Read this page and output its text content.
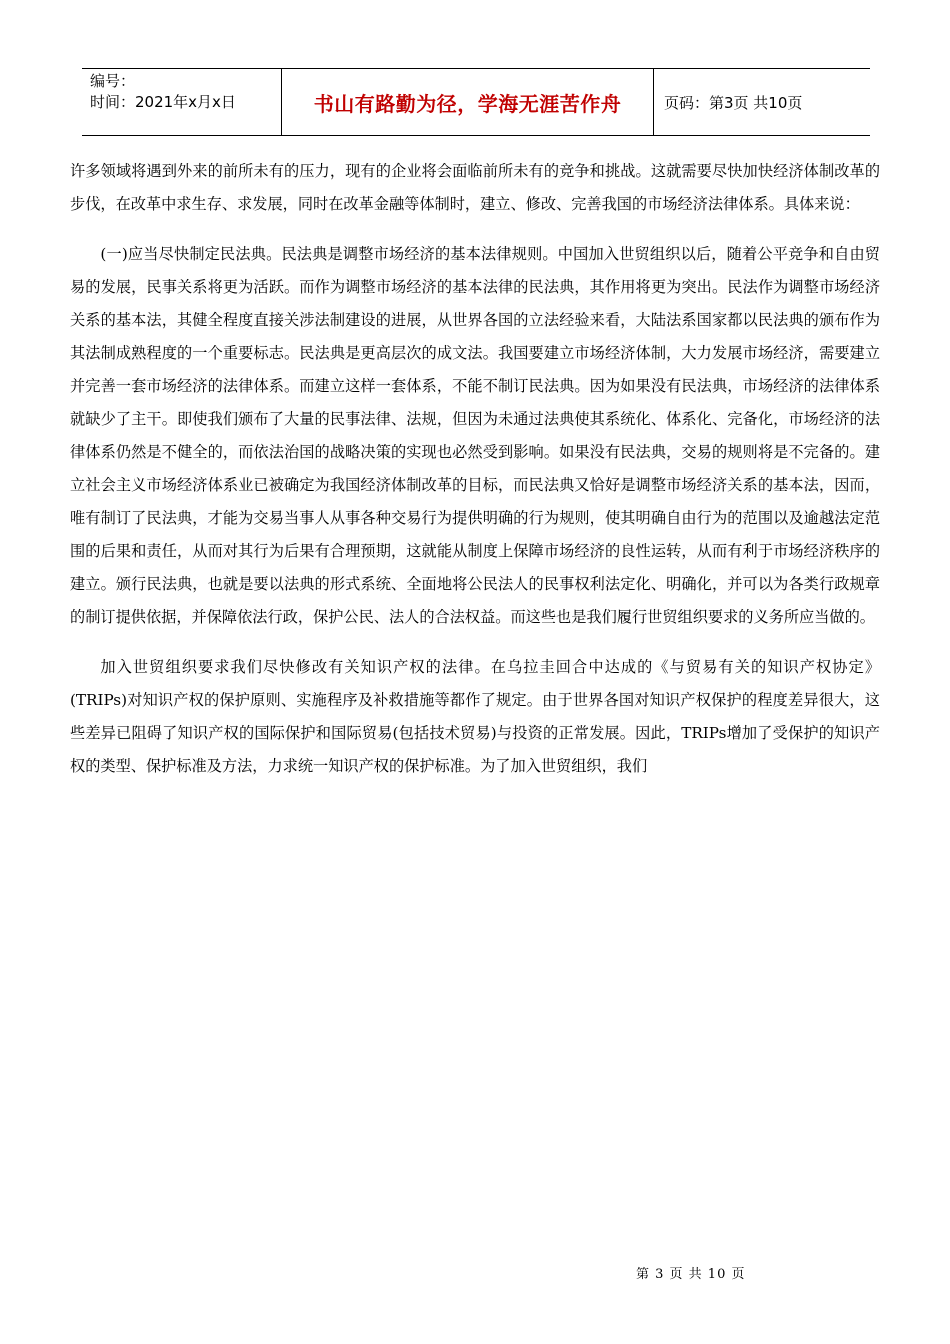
编号：
时间：2021年x月x日	书山有路勤为径，学海无涯苦作舟	页码：第3页 共10页

许多领域将遇到外来的前所未有的压力，现有的企业将会面临前所未有的竞争和挑战。这就需要尽快加快经济体制改革的步伐，在改革中求生存、求发展，同时在改革金融等体制时，建立、修改、完善我国的市场经济法律体系。具体来说：

(一)应当尽快制定民法典。民法典是调整市场经济的基本法律规则。中国加入世贸组织以后，随着公平竞争和自由贸易的发展，民事关系将更为活跃。而作为调整市场经济的基本法律的民法典，其作用将更为突出。民法作为调整市场经济关系的基本法，其健全程度直接关涉法制建设的进展，从世界各国的立法经验来看，大陆法系国家都以民法典的颁布作为其法制成熟程度的一个重要标志。民法典是更高层次的成文法。我国要建立市场经济体制，大力发展市场经济，需要建立并完善一套市场经济的法律体系。而建立这样一套体系，不能不制订民法典。因为如果没有民法典，市场经济的法律体系就缺少了主干。即使我们颁布了大量的民事法律、法规，但因为未通过法典使其系统化、体系化、完备化，市场经济的法律体系仍然是不健全的，而依法治国的战略决策的实现也必然受到影响。如果没有民法典，交易的规则将是不完备的。建立社会主义市场经济体系业已被确定为我国经济体制改革的目标，而民法典又恰好是调整市场经济关系的基本法，因而，唯有制订了民法典，才能为交易当事人从事各种交易行为提供明确的行为规则，使其明确自由行为的范围以及逾越法定范围的后果和责任，从而对其行为后果有合理预期，这就能从制度上保障市场经济的良性运转，从而有利于市场经济秩序的建立。颁行民法典，也就是要以法典的形式系统、全面地将公民法人的民事权利法定化、明确化，并可以为各类行政规章的制订提供依据，并保障依法行政，保护公民、法人的合法权益。而这些也是我们履行世贸组织要求的义务所应当做的。

加入世贸组织要求我们尽快修改有关知识产权的法律。在乌拉圭回合中达成的《与贸易有关的知识产权协定》(TRIPs)对知识产权的保护原则、实施程序及补救措施等都作了规定。由于世界各国对知识产权保护的程度差异很大，这些差异已阻碍了知识产权的国际保护和国际贸易(包括技术贸易)与投资的正常发展。因此，TRIPs增加了受保护的知识产权的类型、保护标准及方法，力求统一知识产权的保护标准。为了加入世贸组织，我们

第 3 页 共 10 页
